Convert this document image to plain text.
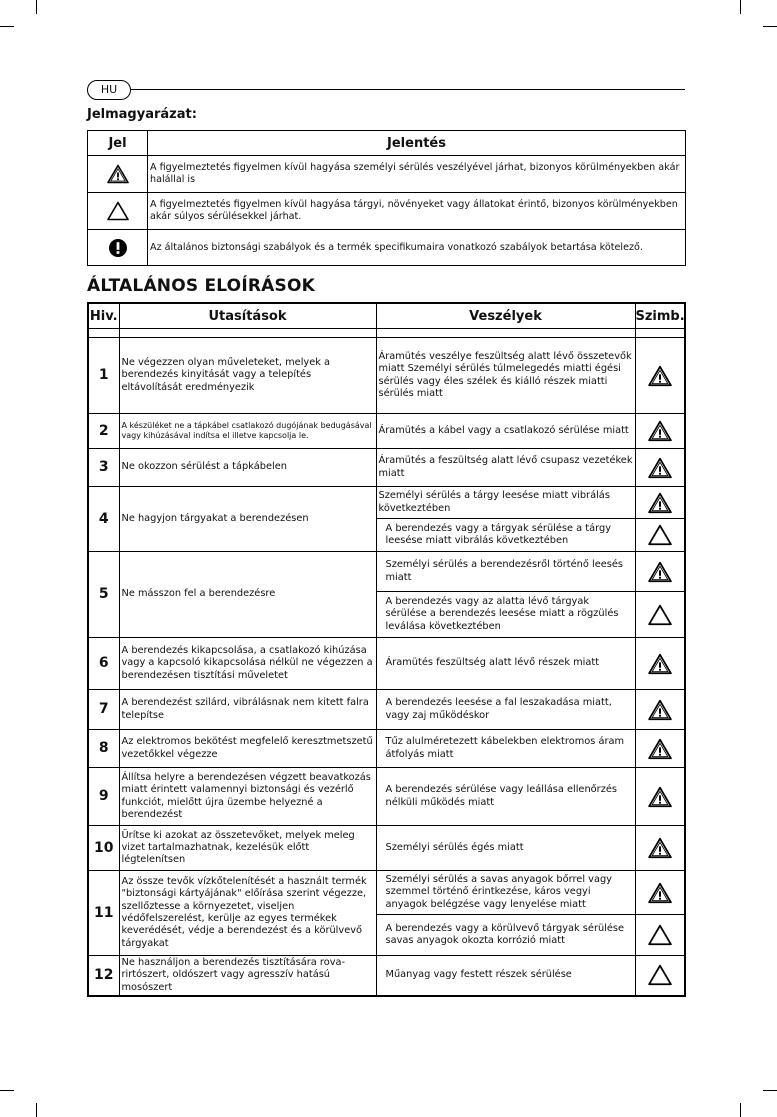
HU
Jelmagyarázat:
Jel	Jelentés

	A figyelmeztetés figyelmen kívül hagyása személyi sérülés veszélyével járhat, bizonyos körülményekben akár halállal is

	A figyelmeztetés figyelmen kívül hagyása tárgyi, növényeket vagy állatokat érintő, bizonyos körülményekben akár súlyos sérülésekkel járhat.

	Az általános biztonsági szabályok és a termék specifikumaira vonatkozó szabályok betartása kötelező.
ÁLTALÁNOS ELOÍRÁSOK
Hiv.	Utasítások	Veszélyek	Szimb.

1	Ne végezzen olyan műveleteket, melyek a berendezés kinyitását vagy a telepítés eltávolítását eredményezik	Áramütés veszélye feszültség alatt lévő összetevők miatt Személyi sérülés túlmelegedés miatti égési sérülés vagy éles szélek és kiálló részek miatti sérülés miatt	

2	A készüléket ne a tápkábel csatlakozó dugójának bedugásával vagy kihúzásával indítsa el illetve kapcsolja le.	Áramütés a kábel vagy a csatlakozó sérülése miatt	

3	Ne okozzon sérülést a tápkábelen	Áramütés a feszültség alatt lévő csupasz vezetékek miatt	

4	Ne hagyjon tárgyakat a berendezésen	Személyi sérülés a tárgy leesése miatt vibrálás következtében	

		A berendezés vagy a tárgyak sérülése a tárgy leesése miatt vibrálás következtében	

5	Ne másszon fel a berendezésre	Személyi sérülés a berendezésről történő leesés miatt	

		A berendezés vagy az alatta lévő tárgyak sérülése a berendezés leesése miatt a rögzülés leválása következtében	

6	A berendezés kikapcsolása, a csatlakozó kihúzása vagy a kapcsoló kikapcsolása nélkül ne végezzen a berendezésen tisztítási műveletet	Áramütés feszültség alatt lévő részek miatt	

7	A berendezést szilárd, vibrálásnak nem kitett falra telepítse	A berendezés leesése a fal leszakadása miatt, vagy zaj működéskor	

8	Az elektromos bekötést megfelelő keresztmetszetű vezetőkkel végezze	Tűz alulméretezett kábelekben elektromos áram átfolyás miatt	

9	Állítsa helyre a berendezésen végzett beavatkozás miatt érintett valamennyi biztonsági és vezérlő funkciót, mielőtt újra üzembe helyezné a berendezést	A berendezés sérülése vagy leállása ellenőrzés nélküli működés miatt	

10	Ürítse ki azokat az összetevőket, melyek meleg vizet tartalmazhatnak, kezelésük előtt légtelenítsen	Személyi sérülés égés miatt	

11	Az össze tevők vízkőtelenítését a használt termék "biztonsági kártyájának" előírása szerint végezze, szellőztesse a környezetet, viseljen védőfelszerelést, kerülje az egyes termékek keverédését, védje a berendezést és a körülvevő tárgyakat	Személyi sérülés a savas anyagok bőrrel vagy szemmel történő érintkezése, káros vegyi anyagok belégzése vagy lenyelése miatt	

		A berendezés vagy a körülvevő tárgyak sérülése savas anyagok okozta korrózió miatt	

12	Ne használjon a berendezés tisztítására rova- rirtószert, oldószert vagy agresszív hatású mosószert	Műanyag vagy festett részek sérülése	
